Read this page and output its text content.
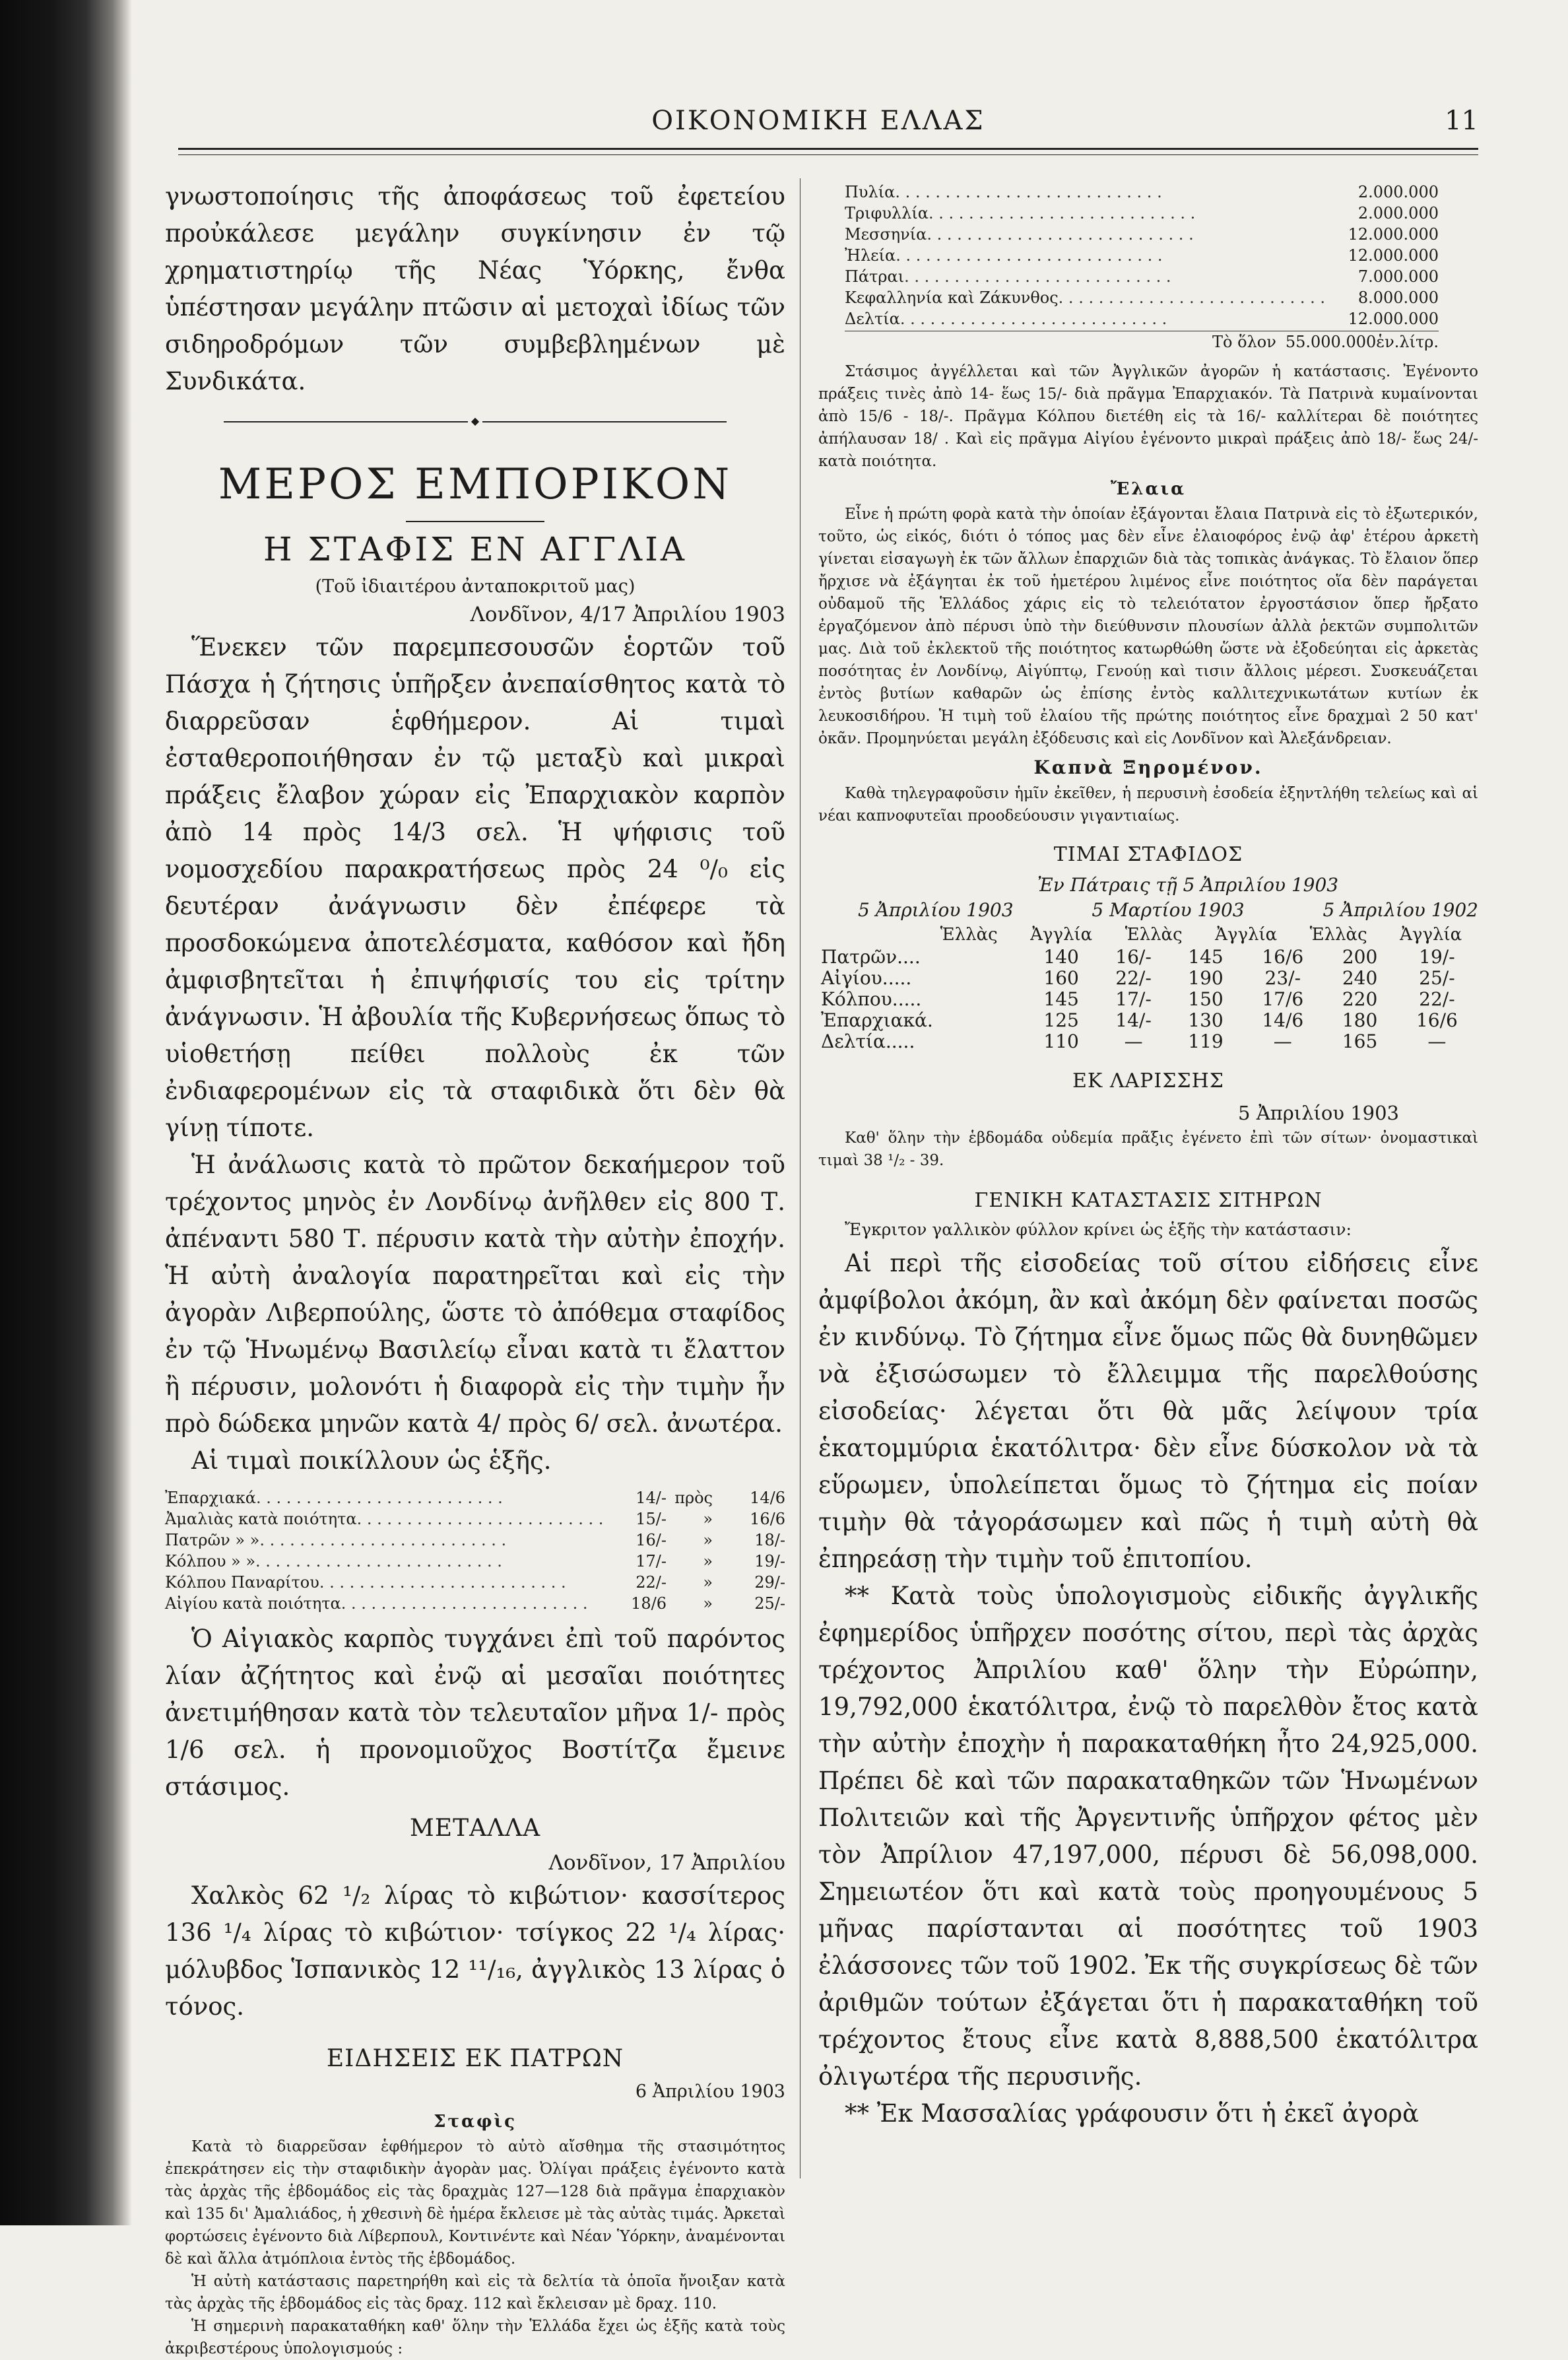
ΟΙΚΟΝΟΜΙΚΗ ΕΛΛΑΣ	11

γνωστοποίησις τῆς ἀποφάσεως τοῦ ἐφετείου προὐκάλεσε μεγάλην συγκίνησιν ἐν τῷ χρηματιστηρίῳ τῆς Νέας Ὑόρκης, ἔνθα ὑπέστησαν μεγάλην πτῶσιν αἱ μετοχαὶ ἰδίως τῶν σιδηροδρόμων τῶν συμβεβλημένων μὲ Συνδικάτα.

◆
ΜΕΡΟΣ ΕΜΠΟΡΙΚΟΝ
Η ΣΤΑΦΙΣ ΕΝ ΑΓΓΛΙΑ

(Τοῦ ἰδιαιτέρου ἀνταποκριτοῦ μας)

Λονδῖνον, 4/17 Ἀπριλίου 1903

Ἕνεκεν τῶν παρεμπεσουσῶν ἑορτῶν τοῦ Πάσχα ἡ ζήτησις ὑπῆρξεν ἀνεπαίσθητος κατὰ τὸ διαρρεῦσαν ἑφθήμερον. Αἱ τιμαὶ ἐσταθεροποιήθησαν ἐν τῷ μεταξὺ καὶ μικραὶ πράξεις ἔλαβον χώραν εἰς Ἐπαρχιακὸν καρπὸν ἀπὸ 14 πρὸς 14/3 σελ. Ἡ ψήφισις τοῦ νομοσχεδίου παρακρατήσεως πρὸς 24 ⁰/₀ εἰς δευτέραν ἀνάγνωσιν δὲν ἐπέφερε τὰ προσδοκώμενα ἀποτελέσματα, καθόσον καὶ ἤδη ἀμφισβητεῖται ἡ ἐπιψήφισίς του εἰς τρίτην ἀνάγνωσιν. Ἡ ἀβουλία τῆς Κυβερνήσεως ὅπως τὸ υἱοθετήσῃ πείθει πολλοὺς ἐκ τῶν ἐνδιαφερομένων εἰς τὰ σταφιδικὰ ὅτι δὲν θὰ γίνῃ τίποτε.

Ἡ ἀνάλωσις κατὰ τὸ πρῶτον δεκαήμερον τοῦ τρέχοντος μηνὸς ἐν Λονδίνῳ ἀνῆλθεν εἰς 800 Τ. ἀπέναντι 580 Τ. πέρυσιν κατὰ τὴν αὐτὴν ἐποχήν. Ἡ αὐτὴ ἀναλογία παρατηρεῖται καὶ εἰς τὴν ἀγορὰν Λιβερπούλης, ὥστε τὸ ἀπόθεμα σταφίδος ἐν τῷ Ἡνωμένῳ Βασιλείῳ εἶναι κατὰ τι ἔλαττον ἢ πέρυσιν, μολονότι ἡ διαφορὰ εἰς τὴν τιμὴν ἦν πρὸ δώδεκα μηνῶν κατὰ 4/ πρὸς 6/ σελ. ἀνωτέρα.

Αἱ τιμαὶ ποικίλλουν ὡς ἑξῆς.

Ἐπαρχιακά . . . . . . . . . . . . . . . . . . . . . . . . .	14/- πρὸς	14/6
Ἀμαλιὰς κατὰ ποιότητα . . . . . . . . . . . . . . . . . . . . . . . . .	15/-	»	16/6
Πατρῶν » » . . . . . . . . . . . . . . . . . . . . . . . . .	16/-	»	18/-
Κόλπου » » . . . . . . . . . . . . . . . . . . . . . . . . .	17/-	»	19/-
Κόλπου Παναρίτου . . . . . . . . . . . . . . . . . . . . . . . . .	22/-	»	29/-
Αἰγίου κατὰ ποιότητα . . . . . . . . . . . . . . . . . . . . . . . . .	18/6	»	25/-

Ὁ Αἰγιακὸς καρπὸς τυγχάνει ἐπὶ τοῦ παρόντος λίαν ἀζήτητος καὶ ἐνῷ αἱ μεσαῖαι ποιότητες ἀνετιμήθησαν κατὰ τὸν τελευταῖον μῆνα 1/- πρὸς 1/6 σελ. ἡ προνομιοῦχος Βοστίτζα ἔμεινε στάσιμος.

ΜΕΤΑΛΛΑ

Λονδῖνον, 17 Ἀπριλίου

Χαλκὸς 62 ¹/₂ λίρας τὸ κιβώτιον· κασσίτερος 136 ¹/₄ λίρας τὸ κιβώτιον· τσίγκος 22 ¹/₄ λίρας· μόλυβδος Ἱσπανικὸς 12 ¹¹/₁₆, ἀγγλικὸς 13 λίρας ὁ τόνος.

ΕΙΔΗΣΕΙΣ ΕΚ ΠΑΤΡΩΝ

6 Ἀπριλίου 1903

Σταφὶς

Κατὰ τὸ διαρρεῦσαν ἑφθήμερον τὸ αὐτὸ αἴσθημα τῆς στασιμότητος ἐπεκράτησεν εἰς τὴν σταφιδικὴν ἀγορὰν μας. Ὀλίγαι πράξεις ἐγένοντο κατὰ τὰς ἀρχὰς τῆς ἑβδομάδος εἰς τὰς δραχμὰς 127—128 διὰ πρᾶγμα ἐπαρχιακὸν καὶ 135 δι' Ἀμαλιάδος, ἡ χθεσινὴ δὲ ἡμέρα ἔκλεισε μὲ τὰς αὐτὰς τιμάς. Ἀρκεταὶ φορτώσεις ἐγένοντο διὰ Λίβερπουλ, Κοντινέντε καὶ Νέαν Ὑόρκην, ἀναμένονται δὲ καὶ ἄλλα ἀτμόπλοια ἐντὸς τῆς ἑβδομάδος.

Ἡ αὐτὴ κατάστασις παρετηρήθη καὶ εἰς τὰ δελτία τὰ ὁποῖα ἤνοιξαν κατὰ τὰς ἀρχὰς τῆς ἑβδομάδος εἰς τὰς δραχ. 112 καὶ ἔκλεισαν μὲ δραχ. 110.

Ἡ σημερινὴ παρακαταθήκη καθ' ὅλην τὴν Ἑλλάδα ἔχει ὡς ἑξῆς κατὰ τοὺς ἀκριβεστέρους ὑπολογισμούς :

Πυλία . . . . . . . . . . . . . . . . . . . . . . . . . . .	2.000.000
Τριφυλλία . . . . . . . . . . . . . . . . . . . . . . . . . . .	2.000.000
Μεσσηνία . . . . . . . . . . . . . . . . . . . . . . . . . . .	12.000.000
Ἠλεία . . . . . . . . . . . . . . . . . . . . . . . . . . .	12.000.000
Πάτραι . . . . . . . . . . . . . . . . . . . . . . . . . . .	7.000.000
Κεφαλληνία καὶ Ζάκυνθος . . . . . . . . . . . . . . . . . . . . . . . . . . .	8.000.000
Δελτία . . . . . . . . . . . . . . . . . . . . . . . . . . .	12.000.000
Τὸ ὅλον 55.000.000ἑν.λίτρ.

Στάσιμος ἀγγέλλεται καὶ τῶν Ἀγγλικῶν ἀγορῶν ἡ κατάστασις. Ἐγένοντο πράξεις τινὲς ἀπὸ 14- ἕως 15/- διὰ πρᾶγμα Ἐπαρχιακόν. Τὰ Πατρινὰ κυμαίνονται ἀπὸ 15/6 - 18/-. Πρᾶγμα Κόλπου διετέθη εἰς τὰ 16/- καλλίτεραι δὲ ποιότητες ἀπήλαυσαν 18/ . Καὶ εἰς πρᾶγμα Αἰγίου ἐγένοντο μικραὶ πράξεις ἀπὸ 18/- ἕως 24/- κατὰ ποιότητα.

Ἔλαια

Εἶνε ἡ πρώτη φορὰ κατὰ τὴν ὁποίαν ἐξάγονται ἔλαια Πατρινὰ εἰς τὸ ἐξωτερικόν, τοῦτο, ὡς εἰκός, διότι ὁ τόπος μας δὲν εἶνε ἐλαιοφόρος ἐνῷ ἀφ' ἑτέρου ἀρκετὴ γίνεται εἰσαγωγὴ ἐκ τῶν ἄλλων ἐπαρχιῶν διὰ τὰς τοπικὰς ἀνάγκας. Τὸ ἔλαιον ὅπερ ἤρχισε νὰ ἐξάγηται ἐκ τοῦ ἡμετέρου λιμένος εἶνε ποιότητος οἵα δὲν παράγεται οὐδαμοῦ τῆς Ἑλλάδος χάρις εἰς τὸ τελειότατον ἐργοστάσιον ὅπερ ἤρξατο ἐργαζόμενον ἀπὸ πέρυσι ὑπὸ τὴν διεύθυνσιν πλουσίων ἀλλὰ ῥεκτῶν συμπολιτῶν μας. Διὰ τοῦ ἐκλεκτοῦ τῆς ποιότητος κατωρθώθη ὥστε νὰ ἐξοδεύηται εἰς ἀρκετὰς ποσότητας ἐν Λονδίνῳ, Αἰγύπτῳ, Γενούῃ καὶ τισιν ἄλλοις μέρεσι. Συσκευάζεται ἐντὸς βυτίων καθαρῶν ὡς ἐπίσης ἐντὸς καλλιτεχνικωτάτων κυτίων ἐκ λευκοσιδήρου. Ἡ τιμὴ τοῦ ἐλαίου τῆς πρώτης ποιότητος εἶνε δραχμαὶ 2 50 κατ' ὀκᾶν. Προμηνύεται μεγάλη ἐξόδευσις καὶ εἰς Λονδῖνον καὶ Ἀλεξάνδρειαν.

Καπνὰ Ξηρομένον.

Καθὰ τηλεγραφοῦσιν ἡμῖν ἐκεῖθεν, ἡ περυσινὴ ἐσοδεία ἐξηντλήθη τελείως καὶ αἱ νέαι καπνοφυτεῖαι προοδεύουσιν γιγαντιαίως.

ΤΙΜΑΙ ΣΤΑΦΙΔΟΣ

Ἐν Πάτραις τῇ 5 Ἀπριλίου 1903

5 Ἀπριλίου 1903	5 Μαρτίου 1903	5 Ἀπριλίου 1902
Ἑλλὰς Ἀγγλία Ἑλλὰς Ἀγγλία Ἑλλὰς Ἀγγλία
Πατρῶν....	140	16/-	145	16/6	200	19/-
Αἰγίου.....	160	22/-	190	23/-	240	25/-
Κόλπου.....	145	17/-	150	17/6	220	22/-
Ἐπαρχιακά.	125	14/-	130	14/6	180	16/6
Δελτία.....	110	—	119	—	165	—
ΕΚ ΛΑΡΙΣΣΗΣ

5 Ἀπριλίου 1903

Καθ' ὅλην τὴν ἑβδομάδα οὐδεμία πρᾶξις ἐγένετο ἐπὶ τῶν σίτων· ὀνομαστικαὶ τιμαὶ 38 ¹/₂ - 39.

ΓΕΝΙΚΗ ΚΑΤΑΣΤΑΣΙΣ ΣΙΤΗΡΩΝ

Ἔγκριτον γαλλικὸν φύλλον κρίνει ὡς ἑξῆς τὴν κατάστασιν:

Αἱ περὶ τῆς εἰσοδείας τοῦ σίτου εἰδήσεις εἶνε ἀμφίβολοι ἀκόμη, ἂν καὶ ἀκόμη δὲν φαίνεται ποσῶς ἐν κινδύνῳ. Τὸ ζήτημα εἶνε ὅμως πῶς θὰ δυνηθῶμεν νὰ ἐξισώσωμεν τὸ ἔλλειμμα τῆς παρελθούσης εἰσοδείας· λέγεται ὅτι θὰ μᾶς λείψουν τρία ἑκατομμύρια ἑκατόλιτρα· δὲν εἶνε δύσκολον νὰ τὰ εὕρωμεν, ὑπολείπεται ὅμως τὸ ζήτημα εἰς ποίαν τιμὴν θὰ τἀγοράσωμεν καὶ πῶς ἡ τιμὴ αὐτὴ θὰ ἐπηρεάσῃ τὴν τιμὴν τοῦ ἐπιτοπίου.

** Κατὰ τοὺς ὑπολογισμοὺς εἰδικῆς ἀγγλικῆς ἐφημερίδος ὑπῆρχεν ποσότης σίτου, περὶ τὰς ἀρχὰς τρέχοντος Ἀπριλίου καθ' ὅλην τὴν Εὐρώπην, 19,792,000 ἑκατόλιτρα, ἐνῷ τὸ παρελθὸν ἔτος κατὰ τὴν αὐτὴν ἐποχὴν ἡ παρακαταθήκη ἦτο 24,925,000. Πρέπει δὲ καὶ τῶν παρακαταθηκῶν τῶν Ἡνωμένων Πολιτειῶν καὶ τῆς Ἀργεντινῆς ὑπῆρχον φέτος μὲν τὸν Ἀπρίλιον 47,197,000, πέρυσι δὲ 56,098,000. Σημειωτέον ὅτι καὶ κατὰ τοὺς προηγουμένους 5 μῆνας παρίστανται αἱ ποσότητες τοῦ 1903 ἐλάσσονες τῶν τοῦ 1902. Ἐκ τῆς συγκρίσεως δὲ τῶν ἀριθμῶν τούτων ἐξάγεται ὅτι ἡ παρακαταθήκη τοῦ τρέχοντος ἔτους εἶνε κατὰ 8,888,500 ἑκατόλιτρα ὀλιγωτέρα τῆς περυσινῆς.

** Ἐκ Μασσαλίας γράφουσιν ὅτι ἡ ἐκεῖ ἀγορὰ
